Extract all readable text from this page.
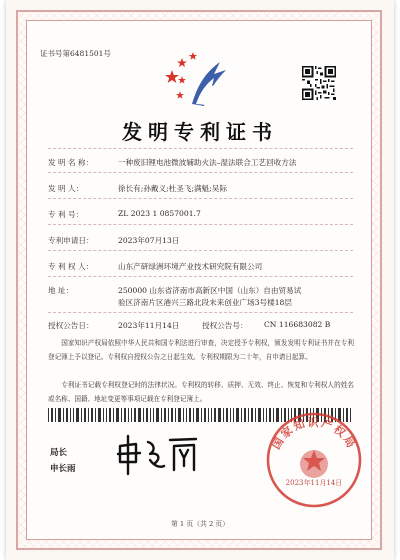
证书号第6481501号
发明专利证书
发 明 名 称：	一种废旧锂电池微波辅助火法–湿法联合工艺回收方法
发 明 人：	徐长有;孙戴义;杜圣飞;满魁;吴际
专 利 号：	ZL 2023 1 0857001.7
专利申请日：	2023年07月13日
专 利 权 人：	山东产研绿洲环境产业技术研究院有限公司
地 址：	250000 山东省济南市高新区中国（山东）自由贸易试
验区济南片区港兴三路北段未来创业广场3号楼18层
授权公告日：	2023年11月14日	授权公告号： CN 116683082 B
国家知识产权局依照中华人民共和国专利法进行审查，决定授予专利权，颁发发明专利证书并在专利登记簿上予以登记。专利权自授权公告之日起生效。专利权期限为二十年，自申请日起算。
专利证书记载专利权登记时的法律状况。专利权的转移、质押、无效、终止、恢复和专利权人的姓名或名称、国籍、地址变更等事项记载在专利登记簿上。
局长
申长雨
国家知识产权局
2023年11月14日
第 1 页（共 2 页）
